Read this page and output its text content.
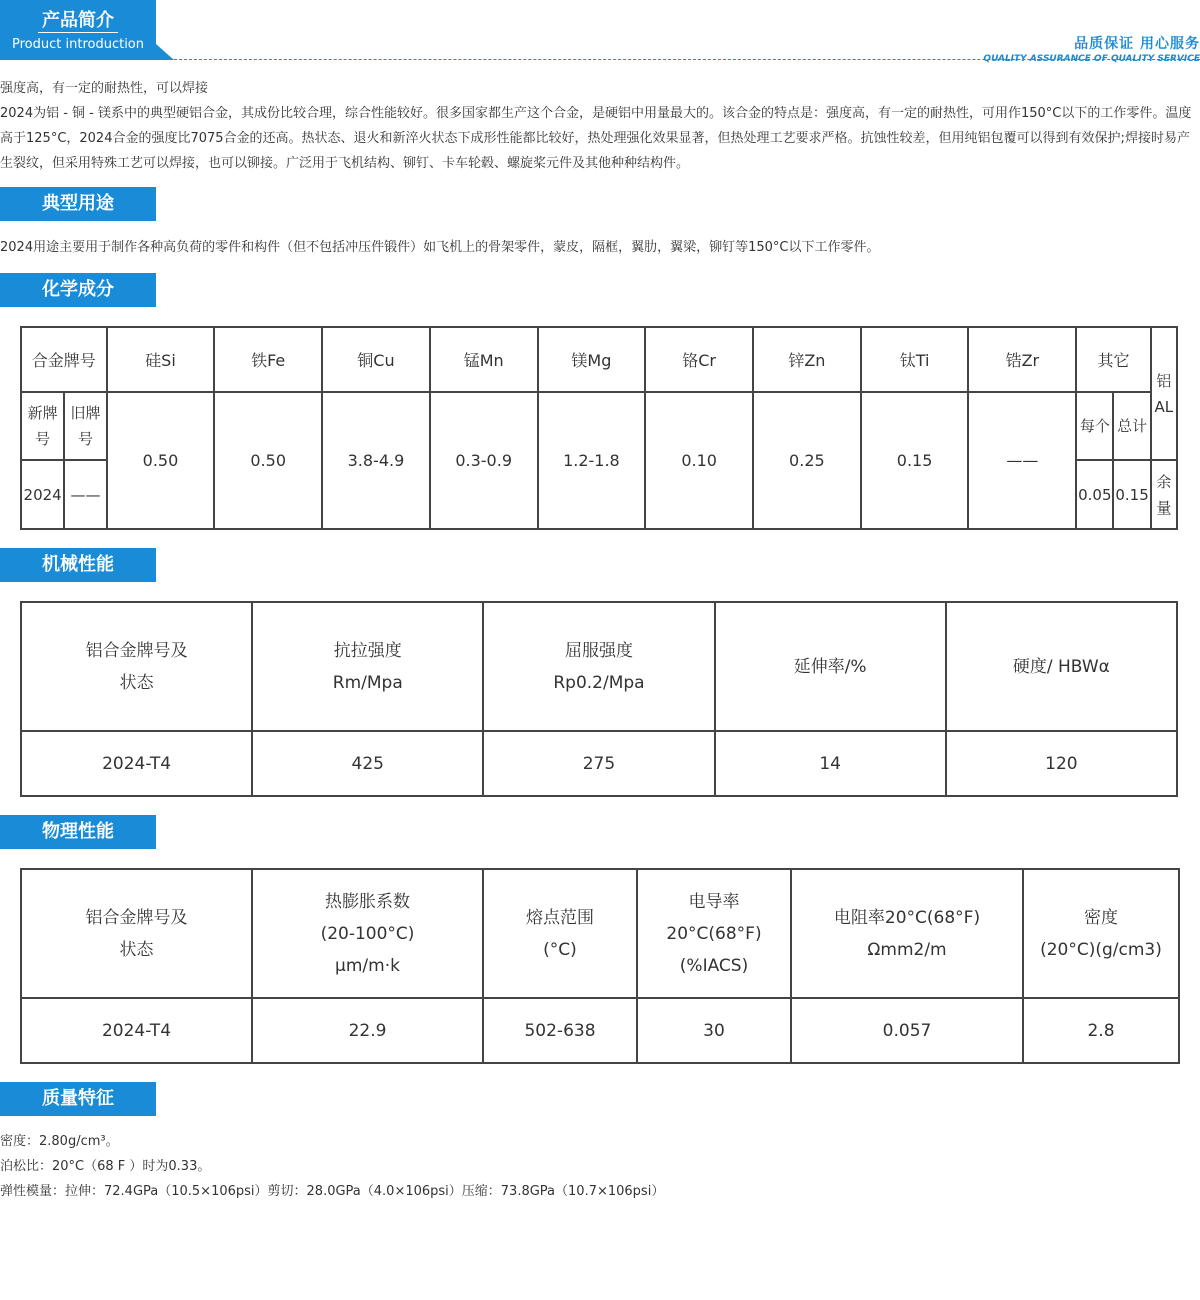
产品简介
Product introduction	品质保证 用心服务
QUALITY ASSURANCE OF QUALITY SERVICE

强度高，有一定的耐热性，可以焊接

2024为铝 - 铜 - 镁系中的典型硬铝合金，其成份比较合理，综合性能较好。很多国家都生产这个合金，是硬铝中用量最大的。该合金的特点是：强度高，有一定的耐热性，可用作150°C以下的工作零件。温度高于125°C，2024合金的强度比7075合金的还高。热状态、退火和新淬火状态下成形性能都比较好，热处理强化效果显著，但热处理工艺要求严格。抗蚀性较差，但用纯铝包覆可以得到有效保护;焊接时易产生裂纹，但采用特殊工艺可以焊接，也可以铆接。广泛用于飞机结构、铆钉、卡车轮毂、螺旋桨元件及其他种种结构件。

典型用途

2024用途主要用于制作各种高负荷的零件和构件（但不包括冲压件锻件）如飞机上的骨架零件，蒙皮，隔框，翼肋，翼梁，铆钉等150°C以下工作零件。

化学成分
合金牌号		硅Si	铁Fe	铜Cu	锰Mn	镁Mg	铬Cr	锌Zn	钛Ti	锆Zr	其它		铝AL
新牌号	旧牌号	0.50	0.50	3.8-4.9	0.3-0.9	1.2-1.8	0.10	0.25	0.15	——	每个	总计	
2024	——										0.05	0.15	余量
机械性能
铝合金牌号及
状态	抗拉强度
Rm/Mpa	屈服强度
Rp0.2/Mpa	延伸率/%	硬度/ HBWα

2024-T4	425	275	14	120
物理性能
铝合金牌号及
状态	热膨胀系数
(20-100°C)
µm/m·k	熔点范围
(°C)	电导率
20°C(68°F)
(%IACS)	电阻率20°C(68°F)
Ωmm2/m	密度
(20°C)(g/cm3)

2024-T4	22.9	502-638	30	0.057	2.8
质量特征

密度：2.80g/cm³。

泊松比：20°C（68 F ）时为0.33。

弹性模量：拉伸：72.4GPa（10.5×106psi）剪切：28.0GPa（4.0×106psi）压缩：73.8GPa（10.7×106psi）
